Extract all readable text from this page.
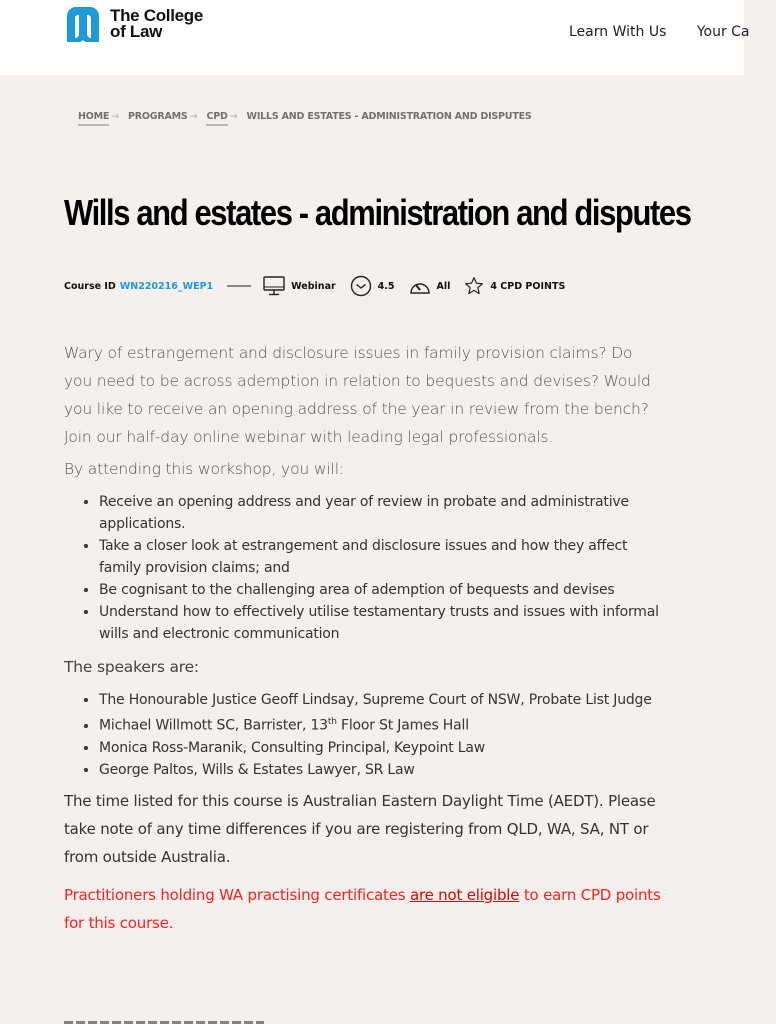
The College
of Law	Learn With Us Your Ca
HOME → PROGRAMS → CPD → WILLS AND ESTATES - ADMINISTRATION AND DISPUTES
Wills and estates - administration and disputes
Course ID WN220216_WEP1	Webinar	4.5	All	4 CPD POINTS

Wary of estrangement and disclosure issues in family provision claims? Do you need to be across ademption in relation to bequests and devises? Would you like to receive an opening address of the year in review from the bench? Join our half-day online webinar with leading legal professionals.

By attending this workshop, you will:

• Receive an opening address and year of review in probate and administrative applications.
• Take a closer look at estrangement and disclosure issues and how they affect family provision claims; and
• Be cognisant to the challenging area of ademption of bequests and devises
• Understand how to effectively utilise testamentary trusts and issues with informal wills and electronic communication
The speakers are:
• The Honourable Justice Geoff Lindsay, Supreme Court of NSW, Probate List Judge
• Michael Willmott SC, Barrister, 13th Floor St James Hall
• Monica Ross-Maranik, Consulting Principal, Keypoint Law
• George Paltos, Wills & Estates Lawyer, SR Law

The time listed for this course is Australian Eastern Daylight Time (AEDT). Please take note of any time differences if you are registering from QLD, WA, SA, NT or from outside Australia.

Practitioners holding WA practising certificates are not eligible to earn CPD points for this course.
